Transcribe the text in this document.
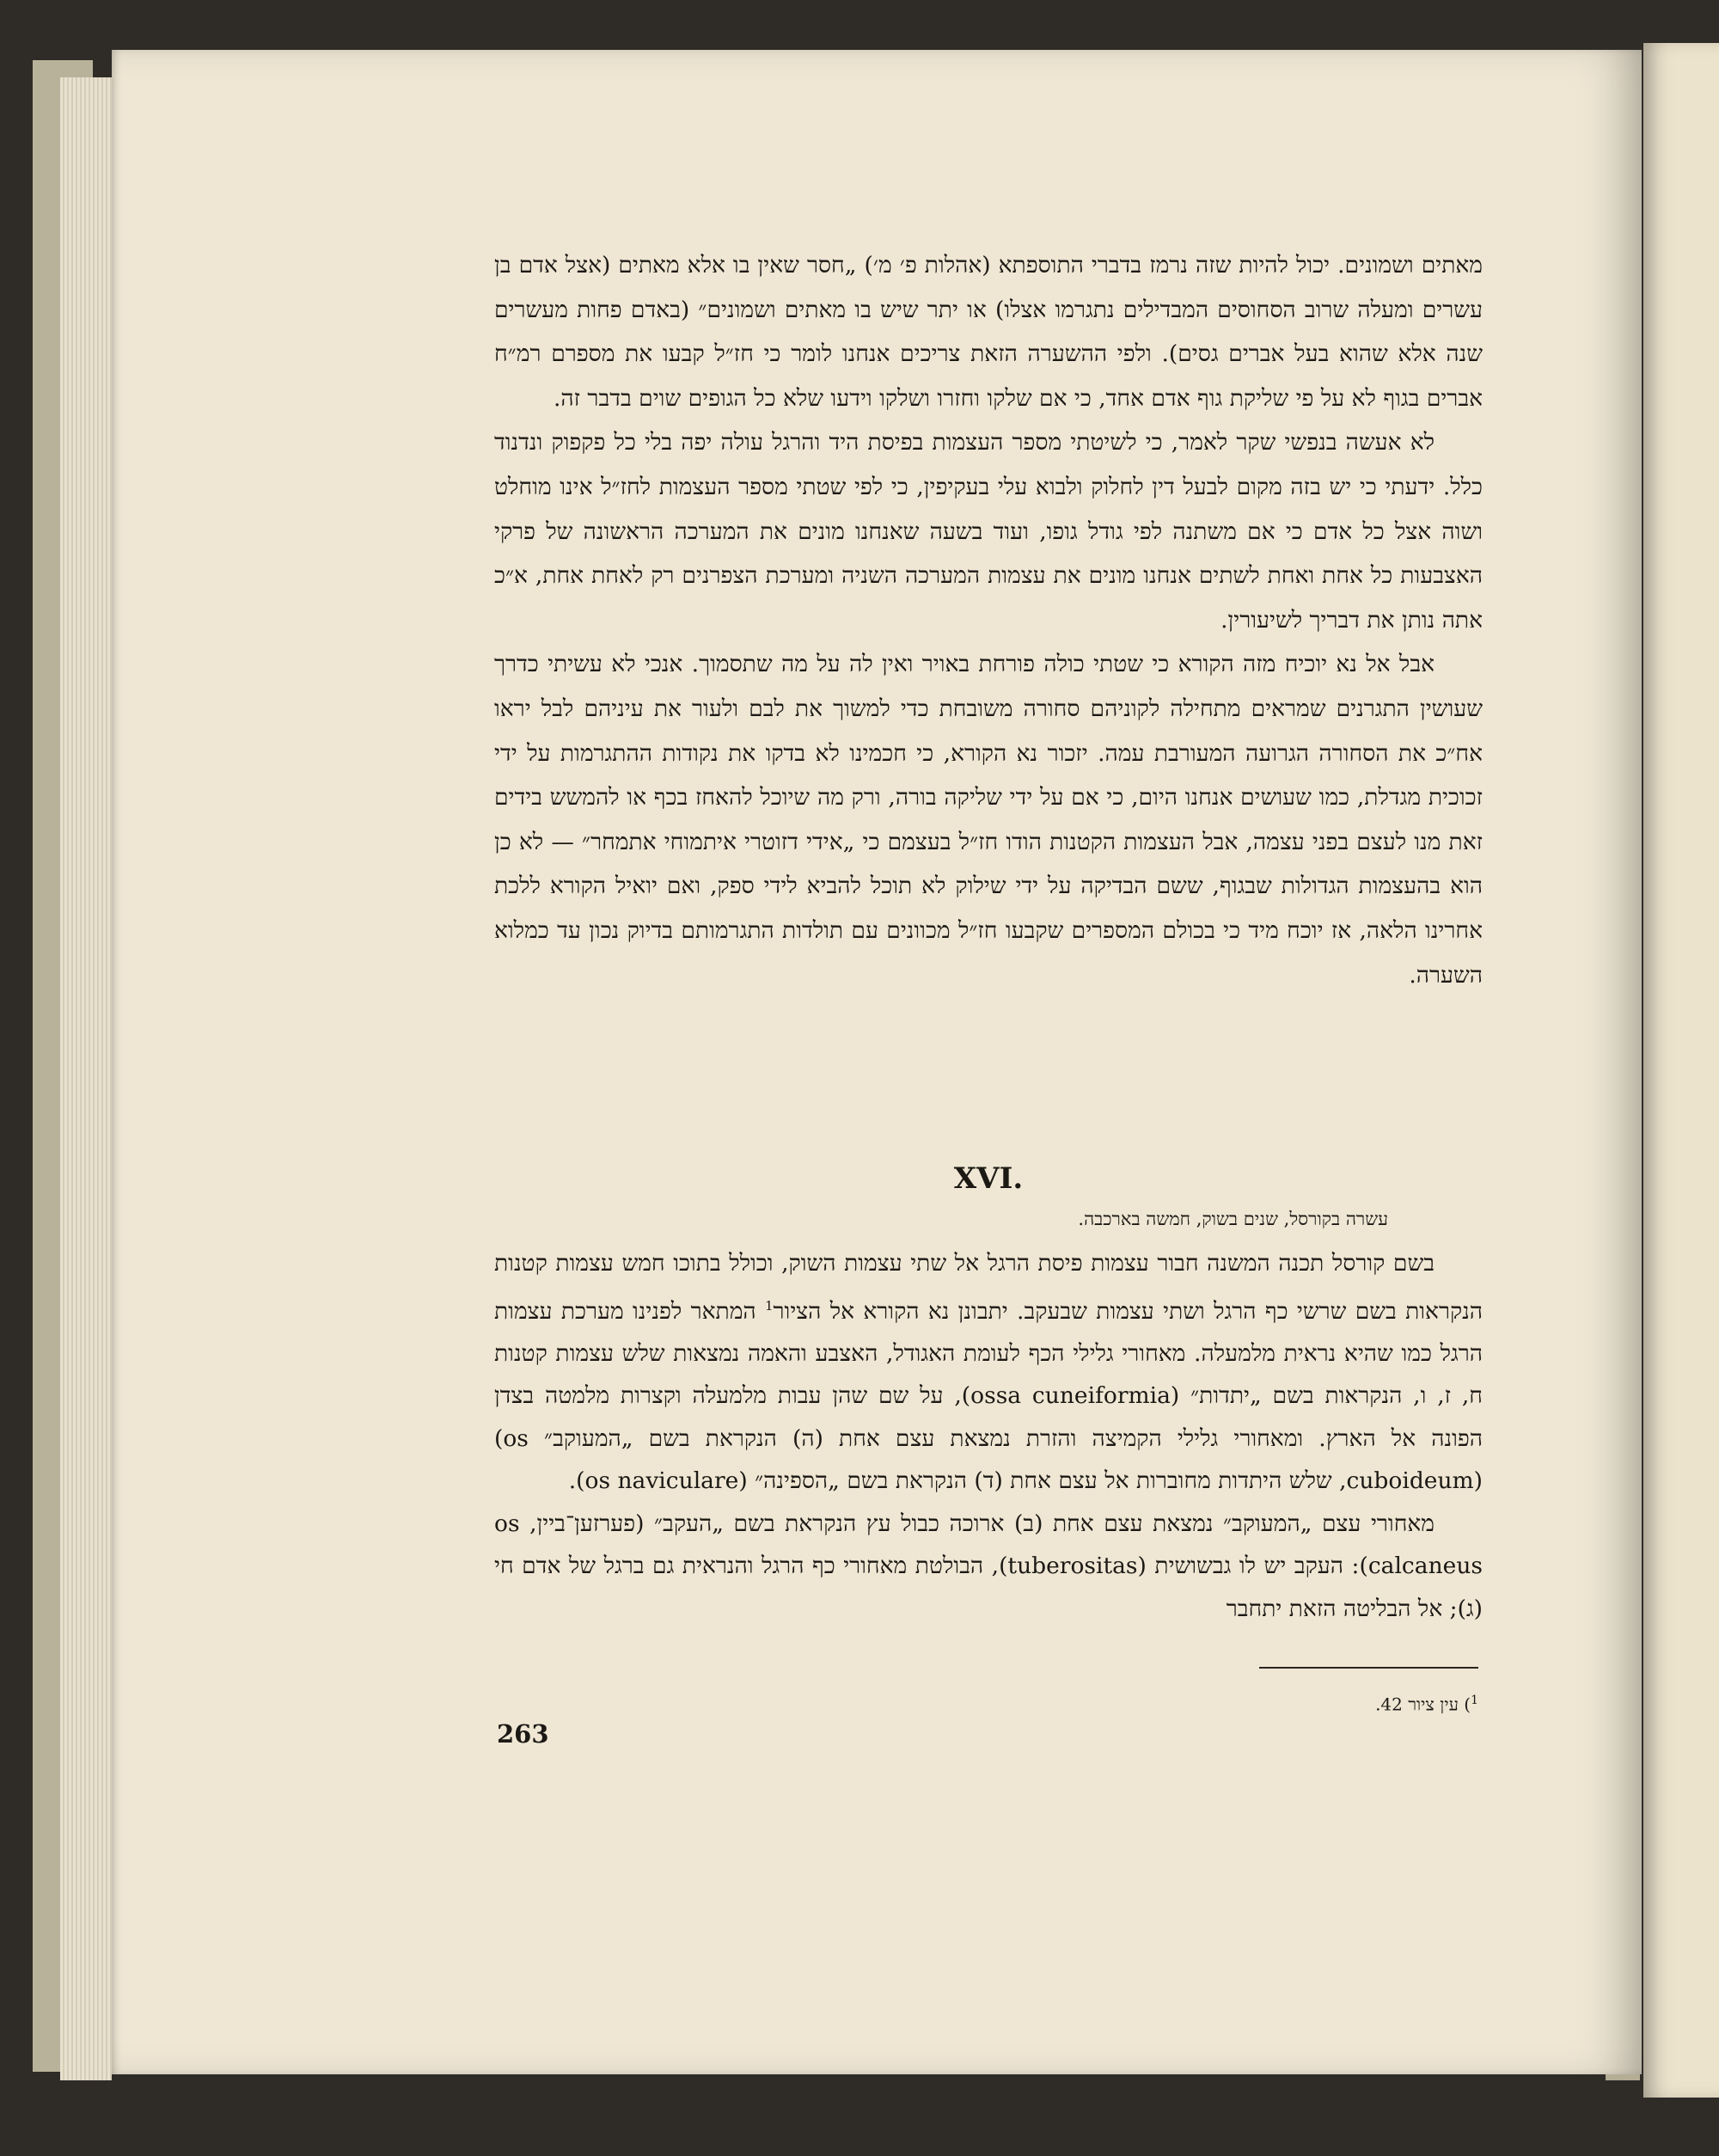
מאתים ושמונים. יכול להיות שזה נרמז בדברי התוספתא (אהלות פ׳ מ׳) „חסר שאין בו אלא מאתים (אצל אדם בן עשרים ומעלה שרוב הסחוסים המבדילים נתגרמו אצלו) או יתר שיש בו מאתים ושמונים״ (באדם פחות מעשרים שנה אלא שהוא בעל אברים גסים). ולפי ההשערה הזאת צריכים אנחנו לומר כי חז״ל קבעו את מספרם רמ״ח אברים בגוף לא על פי שליקת גוף אדם אחד, כי אם שלקו וחזרו ושלקו וידעו שלא כל הגופים שוים בדבר זה.

לא אעשה בנפשי שקר לאמר, כי לשיטתי מספר העצמות בפיסת היד והרגל עולה יפה בלי כל פקפוק ונדנוד כלל. ידעתי כי יש בזה מקום לבעל דין לחלוק ולבוא עלי בעקיפין, כי לפי שטתי מספר העצמות לחז״ל אינו מוחלט ושוה אצל כל אדם כי אם משתנה לפי גודל גופו, ועוד בשעה שאנחנו מונים את המערכה הראשונה של פרקי האצבעות כל אחת ואחת לשתים אנחנו מונים את עצמות המערכה השניה ומערכת הצפרנים רק לאחת אחת, א״כ אתה נותן את דבריך לשיעורין.

אבל אל נא יוכיח מזה הקורא כי שטתי כולה פורחת באויר ואין לה על מה שתסמוך. אנכי לא עשיתי כדרך שעושין התגרנים שמראים מתחילה לקוניהם סחורה משובחת כדי למשוך את לבם ולעור את עיניהם לבל יראו אח״כ את הסחורה הגרועה המעורבת עמה. יזכור נא הקורא, כי חכמינו לא בדקו את נקודות ההתגרמות על ידי זכוכית מגדלת, כמו שעושים אנחנו היום, כי אם על ידי שליקה בורה, ורק מה שיוכל להאחז בכף או להמשש בידים זאת מנו לעצם בפני עצמה, אבל העצמות הקטנות הודו חז״ל בעצמם כי „אידי דזוטרי איתמוחי אתמחר״ — לא כן הוא בהעצמות הגדולות שבגוף, ששם הבדיקה על ידי שילוק לא תוכל להביא לידי ספק, ואם יואיל הקורא ללכת אחרינו הלאה, אז יוכח מיד כי בכולם המספרים שקבעו חז״ל מכוונים עם תולדות התגרמותם בדיוק נכון עד כמלוא השערה.

XVI.
עשרה בקורסל, שנים בשוק, חמשה בארכבה.

בשם קורסל תכנה המשנה חבור עצמות פיסת הרגל אל שתי עצמות השוק, וכולל בתוכו חמש עצמות קטנות הנקראות בשם שרשי כף הרגל ושתי עצמות שבעקב. יתבונן נא הקורא אל הציור$^1$ המתאר לפנינו מערכת עצמות הרגל כמו שהיא נראית מלמעלה. מאחורי גלילי הכף לעומת האגודל, האצבע והאמה נמצאות שלש עצמות קטנות ח, ז, ו, הנקראות בשם „יתדות״ (ossa cuneiformia), על שם שהן עבות מלמעלה וקצרות מלמטה בצדן הפונה אל הארץ. ומאחורי גלילי הקמיצה והזרת נמצאת עצם אחת (ה) הנקראת בשם „המעוקב״ (os cuboideum), שלש היתדות מחוברות אל עצם אחת (ד) הנקראת בשם „הספינה״ (os naviculare).

מאחורי עצם „המעוקב״ נמצאת עצם אחת (ב) ארוכה כבול עץ הנקראת בשם „העקב״ (פערזען־ביין, os calcaneus): העקב יש לו גבשושית (tuberositas), הבולטת מאחורי כף הרגל והנראית גם ברגל של אדם חי (ג); אל הבליטה הזאת יתחבר

$^1$) עין ציור 42.
263
